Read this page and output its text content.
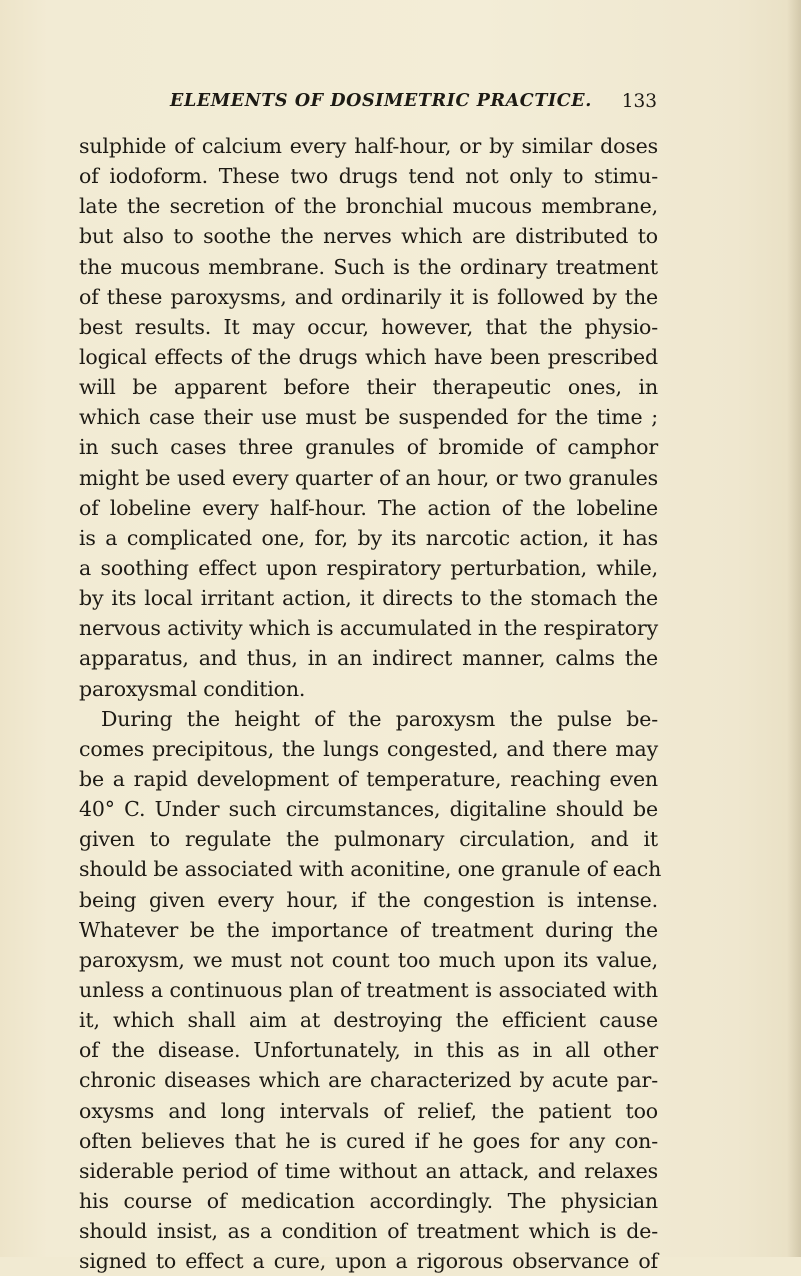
ELEMENTS OF DOSIMETRIC PRACTICE.	133
sulphide of calcium every half-hour, or by similar doses
of iodoform. These two drugs tend not only to stimu-
late the secretion of the bronchial mucous membrane,
but also to soothe the nerves which are distributed to
the mucous membrane. Such is the ordinary treatment
of these paroxysms, and ordinarily it is followed by the
best results. It may occur, however, that the physio-
logical effects of the drugs which have been prescribed
will be apparent before their therapeutic ones, in
which case their use must be suspended for the time ;
in such cases three granules of bromide of camphor
might be used every quarter of an hour, or two granules
of lobeline every half-hour. The action of the lobeline
is a complicated one, for, by its narcotic action, it has
a soothing effect upon respiratory perturbation, while,
by its local irritant action, it directs to the stomach the
nervous activity which is accumulated in the respiratory
apparatus, and thus, in an indirect manner, calms the
paroxysmal condition.
During the height of the paroxysm the pulse be-
comes precipitous, the lungs congested, and there may
be a rapid development of temperature, reaching even
40° C. Under such circumstances, digitaline should be
given to regulate the pulmonary circulation, and it
should be associated with aconitine, one granule of each
being given every hour, if the congestion is intense.
Whatever be the importance of treatment during the
paroxysm, we must not count too much upon its value,
unless a continuous plan of treatment is associated with
it, which shall aim at destroying the efficient cause
of the disease. Unfortunately, in this as in all other
chronic diseases which are characterized by acute par-
oxysms and long intervals of relief, the patient too
often believes that he is cured if he goes for any con-
siderable period of time without an attack, and relaxes
his course of medication accordingly. The physician
should insist, as a condition of treatment which is de-
signed to effect a cure, upon a rigorous observance of
